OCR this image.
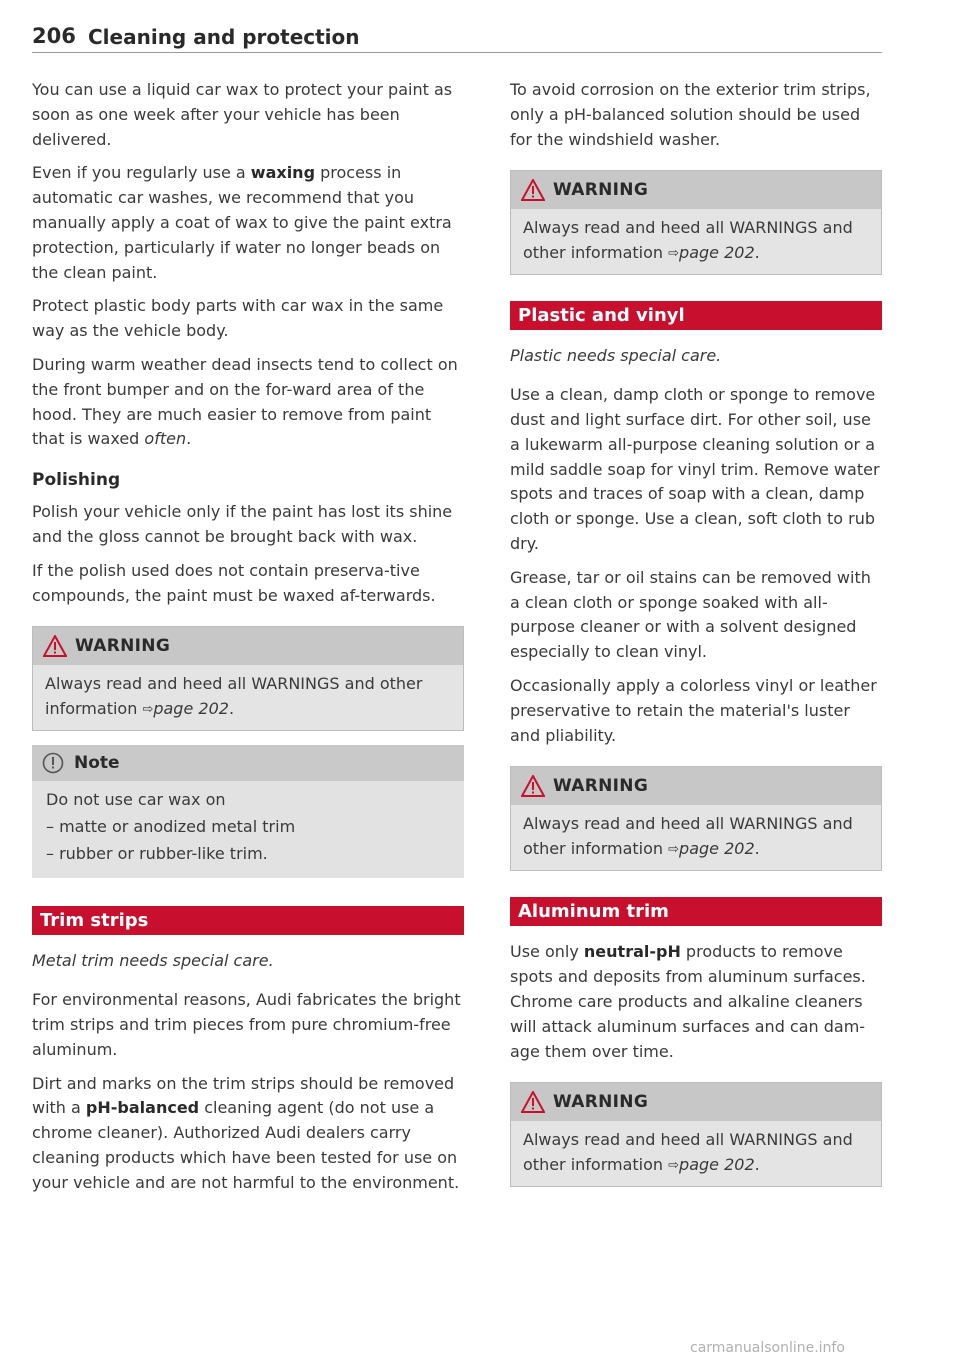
206 Cleaning and protection

You can use a liquid car wax to protect your paint as soon as one week after your vehicle has been delivered.

Even if you regularly use a waxing process in automatic car washes, we recommend that you manually apply a coat of wax to give the paint extra protection, particularly if water no longer beads on the clean paint.

Protect plastic body parts with car wax in the same way as the vehicle body.

During warm weather dead insects tend to collect on the front bumper and on the for-ward area of the hood. They are much easier to remove from paint that is waxed often.

Polishing

Polish your vehicle only if the paint has lost its shine and the gloss cannot be brought back with wax.

If the polish used does not contain preserva-tive compounds, the paint must be waxed af-terwards.

WARNING

Always read and heed all WARNINGS and other information ⇨page 202.

Note

Do not use car wax on

– matte or anodized metal trim

– rubber or rubber-like trim.

Trim strips

Metal trim needs special care.

For environmental reasons, Audi fabricates the bright trim strips and trim pieces from pure chromium-free aluminum.

Dirt and marks on the trim strips should be removed with a pH-balanced cleaning agent (do not use a chrome cleaner). Authorized Audi dealers carry cleaning products which have been tested for use on your vehicle and are not harmful to the environment.

To avoid corrosion on the exterior trim strips, only a pH-balanced solution should be used for the windshield washer.

WARNING

Always read and heed all WARNINGS and other information ⇨page 202.

Plastic and vinyl

Plastic needs special care.

Use a clean, damp cloth or sponge to remove dust and light surface dirt. For other soil, use a lukewarm all-purpose cleaning solution or a mild saddle soap for vinyl trim. Remove water spots and traces of soap with a clean, damp cloth or sponge. Use a clean, soft cloth to rub dry.

Grease, tar or oil stains can be removed with a clean cloth or sponge soaked with all-purpose cleaner or with a solvent designed especially to clean vinyl.

Occasionally apply a colorless vinyl or leather preservative to retain the material's luster and pliability.

WARNING

Always read and heed all WARNINGS and other information ⇨page 202.

Aluminum trim

Use only neutral-pH products to remove spots and deposits from aluminum surfaces. Chrome care products and alkaline cleaners will attack aluminum surfaces and can dam-age them over time.

WARNING

Always read and heed all WARNINGS and other information ⇨page 202.

carmanualsonline.info
